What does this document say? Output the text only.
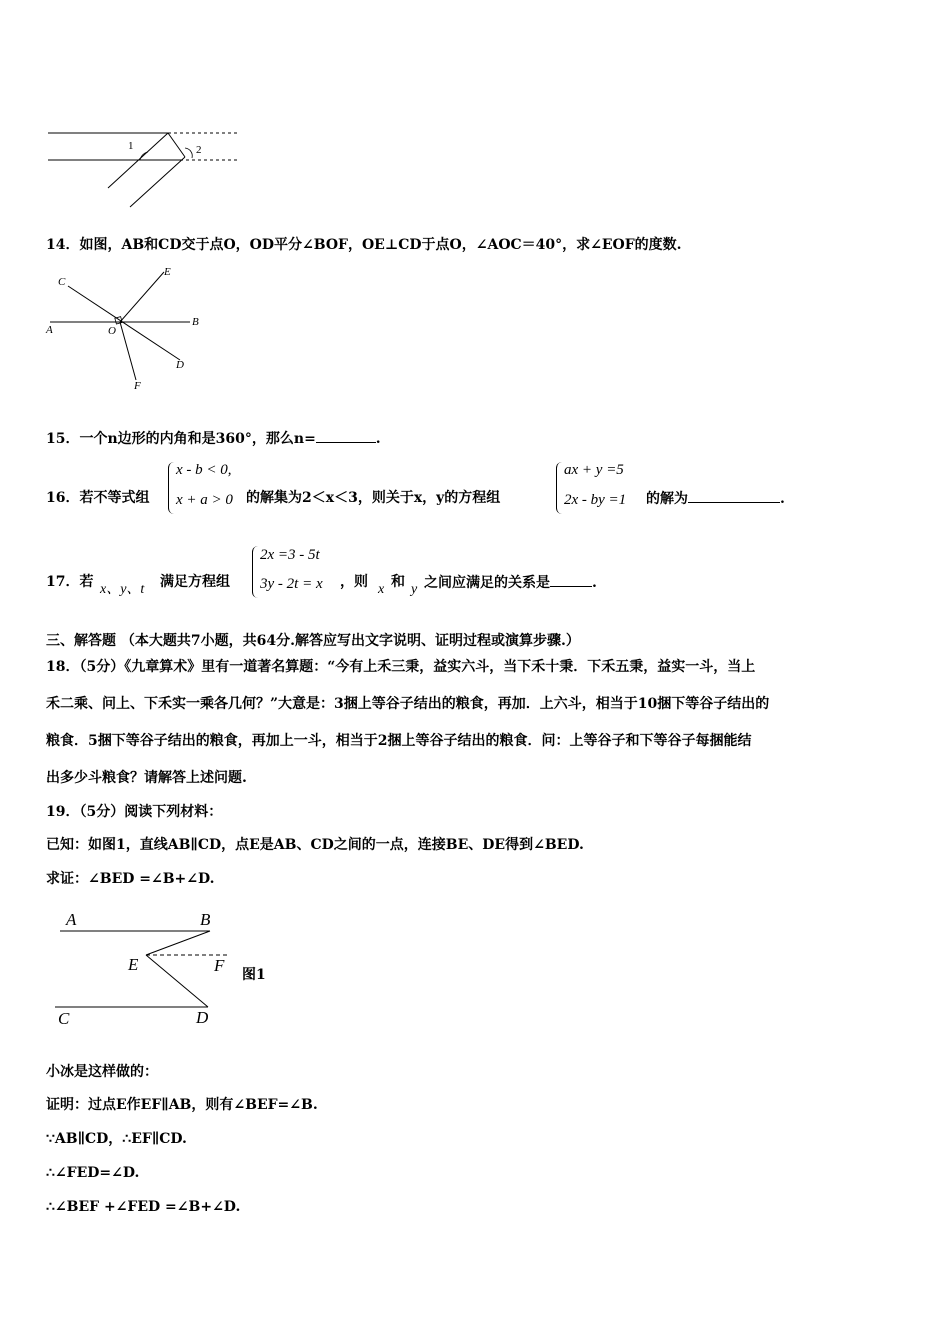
1	2
14．如图，AB和CD交于点O，OD平分∠BOF，OE⊥CD于点O，∠AOC＝40°，求∠EOF的度数.
C
E
A	O
B
D
F
15．一个n边形的内角和是360°，那么n=	.
16．若不等式组
x - b < 0,
x + a > 0 的解集为2＜x＜3，则关于x，y的方程组
ax + y =5
2x - by =1 的解为	.
17．若 x、y、t 满足方程组
2x =3 - 5t
3y - 2t = x ，则 x 和 y 之间应满足的关系是	.
三、解答题 （本大题共7小题，共64分.解答应写出文字说明、证明过程或演算步骤.）
18．（5分）《九章算术》里有一道著名算题：“今有上禾三秉，益实六斗，当下禾十秉．下禾五秉，益实一斗，当上
禾二乘、问上、下禾实一乘各几何？”大意是：3捆上等谷子结出的粮食，再加．上六斗，相当于10捆下等谷子结出的
粮食．5捆下等谷子结出的粮食，再加上一斗，相当于2捆上等谷子结出的粮食．问：上等谷子和下等谷子每捆能结
出多少斗粮食？请解答上述问题.
19．（5分）阅读下列材料：
已知：如图1，直线AB∥CD，点E是AB、CD之间的一点，连接BE、DE得到∠BED.
求证：∠BED =∠B+∠D.
A	B
E	F
C	D
图1
小冰是这样做的：
证明：过点E作EF∥AB，则有∠BEF=∠B.
∵AB∥CD，∴EF∥CD.
∴∠FED=∠D.
∴∠BEF +∠FED =∠B+∠D.
